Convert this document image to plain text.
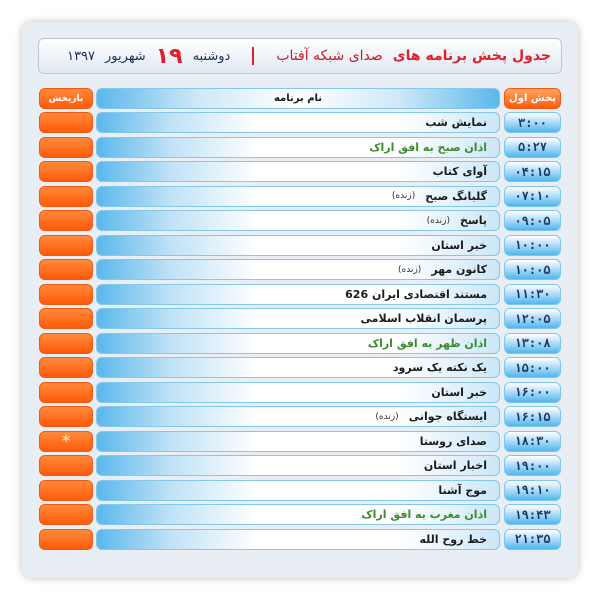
جدول پخش برنامه های
صدای شبکه آفتاب
دوشنبه
۱۹
شهریور
۱۳۹۷
پخش اول
نام برنامه
بازپخش
۳:۰۰
نمایش شب
۵:۲۷
اذان صبح به افق اراک
۰۴:۱۵
آوای کتاب
۰۷:۱۰
گلبانگ صبح
(زنده)
۰۹:۰۵
پاسخ
(زنده)
۱۰:۰۰
خبر استان
۱۰:۰۵
کانون مهر
(زنده)
۱۱:۳۰
مستند اقتصادی ایران 626
۱۲:۰۵
پرسمان انقلاب اسلامی
۱۳:۰۸
اذان ظهر به افق اراک
۱۵:۰۰
یک نکته یک سرود
۱۶:۰۰
خبر استان
۱۶:۱۵
ایستگاه جوانی
(زنده)
۱۸:۳۰
صدای روستا
*
۱۹:۰۰
اخبار استان
۱۹:۱۰
موج آشنا
۱۹:۴۳
اذان مغرب به افق اراک
۲۱:۳۵
خط روح الله
